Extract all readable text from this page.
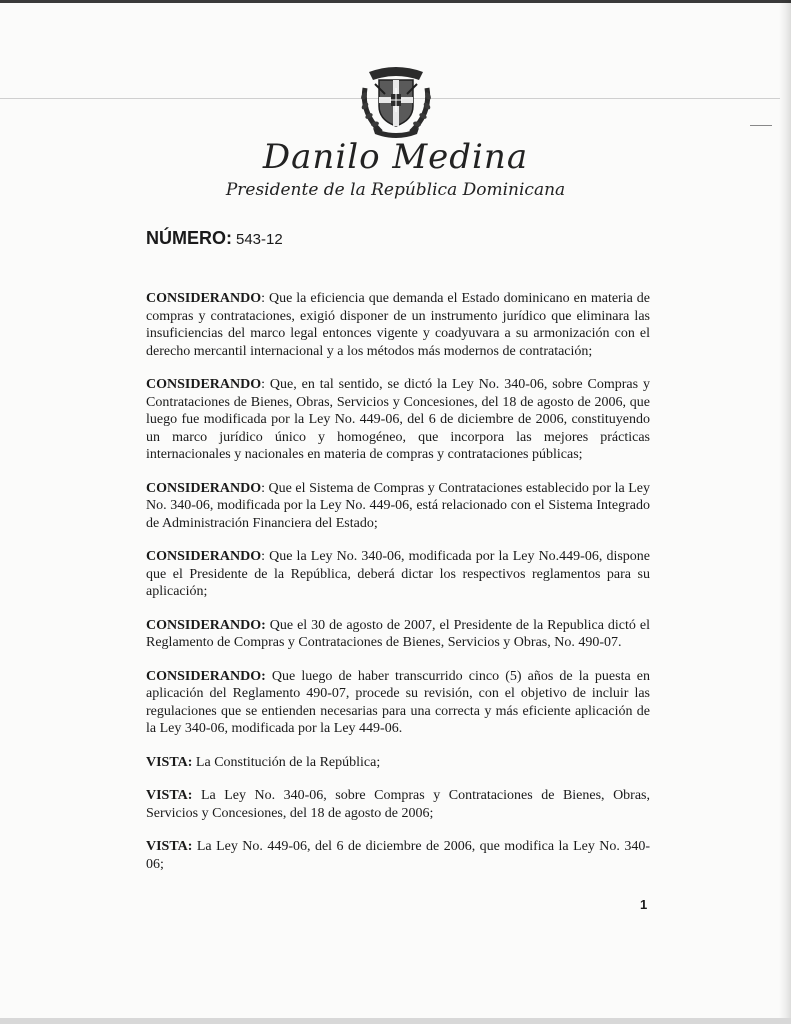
Danilo Medina
Presidente de la República Dominicana
NÚMERO: 543-12

CONSIDERANDO: Que la eficiencia que demanda el Estado dominicano en materia de compras y contrataciones, exigió disponer de un instrumento jurídico que eliminara las insuficiencias del marco legal entonces vigente y coadyuvara a su armonización con el derecho mercantil internacional y a los métodos más modernos de contratación;

CONSIDERANDO: Que, en tal sentido, se dictó la Ley No. 340-06, sobre Compras y Contrataciones de Bienes, Obras, Servicios y Concesiones, del 18 de agosto de 2006, que luego fue modificada por la Ley No. 449-06, del 6 de diciembre de 2006, constituyendo un marco jurídico único y homogéneo, que incorpora las mejores prácticas internacionales y nacionales en materia de compras y contrataciones públicas;

CONSIDERANDO: Que el Sistema de Compras y Contrataciones establecido por la Ley No. 340-06, modificada por la Ley No. 449-06, está relacionado con el Sistema Integrado de Administración Financiera del Estado;

CONSIDERANDO: Que la Ley No. 340-06, modificada por la Ley No.449-06, dispone que el Presidente de la República, deberá dictar los respectivos reglamentos para su aplicación;

CONSIDERANDO: Que el 30 de agosto de 2007, el Presidente de la Republica dictó el Reglamento de Compras y Contrataciones de Bienes, Servicios y Obras, No. 490-07.

CONSIDERANDO: Que luego de haber transcurrido cinco (5) años de la puesta en aplicación del Reglamento 490-07, procede su revisión, con el objetivo de incluir las regulaciones que se entienden necesarias para una correcta y más eficiente aplicación de la Ley 340-06, modificada por la Ley 449-06.

VISTA: La Constitución de la República;

VISTA: La Ley No. 340-06, sobre Compras y Contrataciones de Bienes, Obras, Servicios y Concesiones, del 18 de agosto de 2006;

VISTA: La Ley No. 449-06, del 6 de diciembre de 2006, que modifica la Ley No. 340-06;

1
